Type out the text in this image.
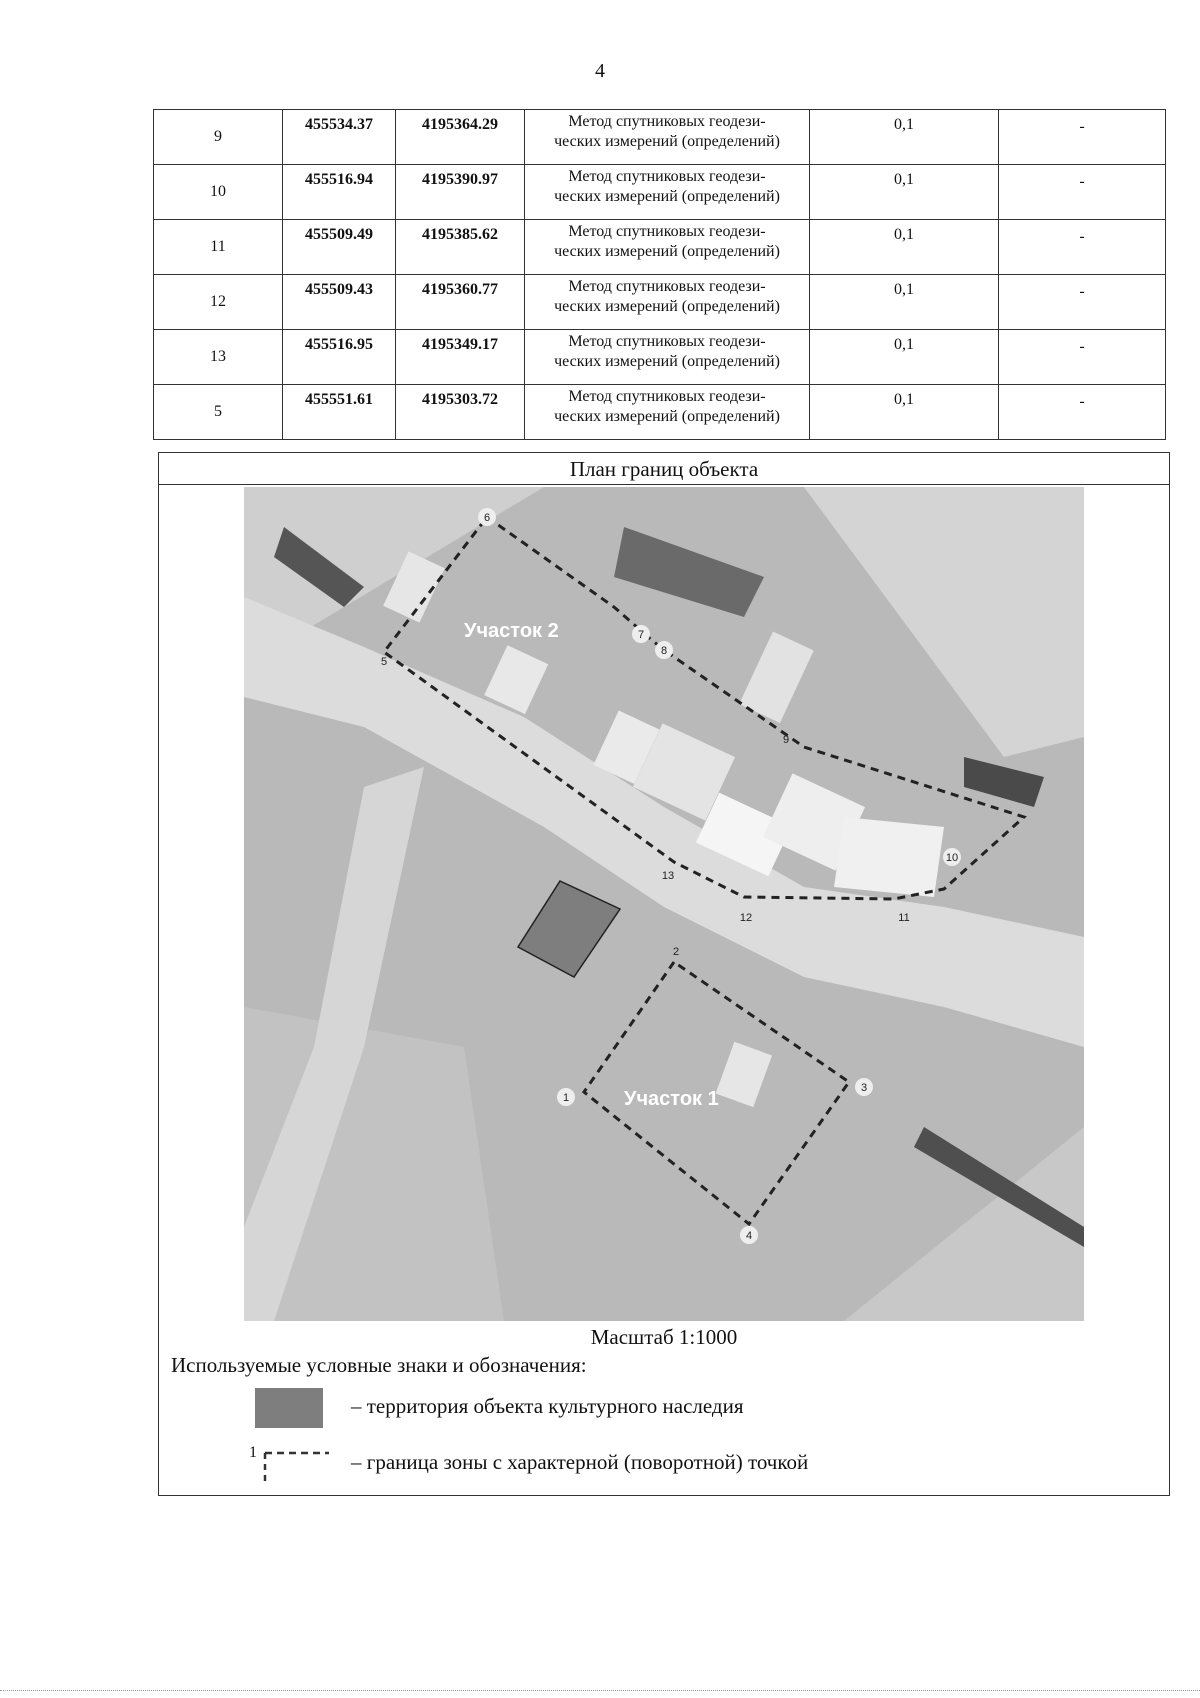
4
9	455534.37	4195364.29	Метод спутниковых геодези-
ческих измерений (определений)	0,1	-
10	455516.94	4195390.97	Метод спутниковых геодези-
ческих измерений (определений)	0,1	-
11	455509.49	4195385.62	Метод спутниковых геодези-
ческих измерений (определений)	0,1	-
12	455509.43	4195360.77	Метод спутниковых геодези-
ческих измерений (определений)	0,1	-
13	455516.95	4195349.17	Метод спутниковых геодези-
ческих измерений (определений)	0,1	-
5	455551.61	4195303.72	Метод спутниковых геодези-
ческих измерений (определений)	0,1	-
План границ объекта
Участок 2
Участок 1
1
2
3
4
5
6
7
8
9
10
11
12
13
Масштаб 1:1000
Используемые условные знаки и обозначения:
– территория объекта культурного наследия
1	– граница зоны с характерной (поворотной) точкой
